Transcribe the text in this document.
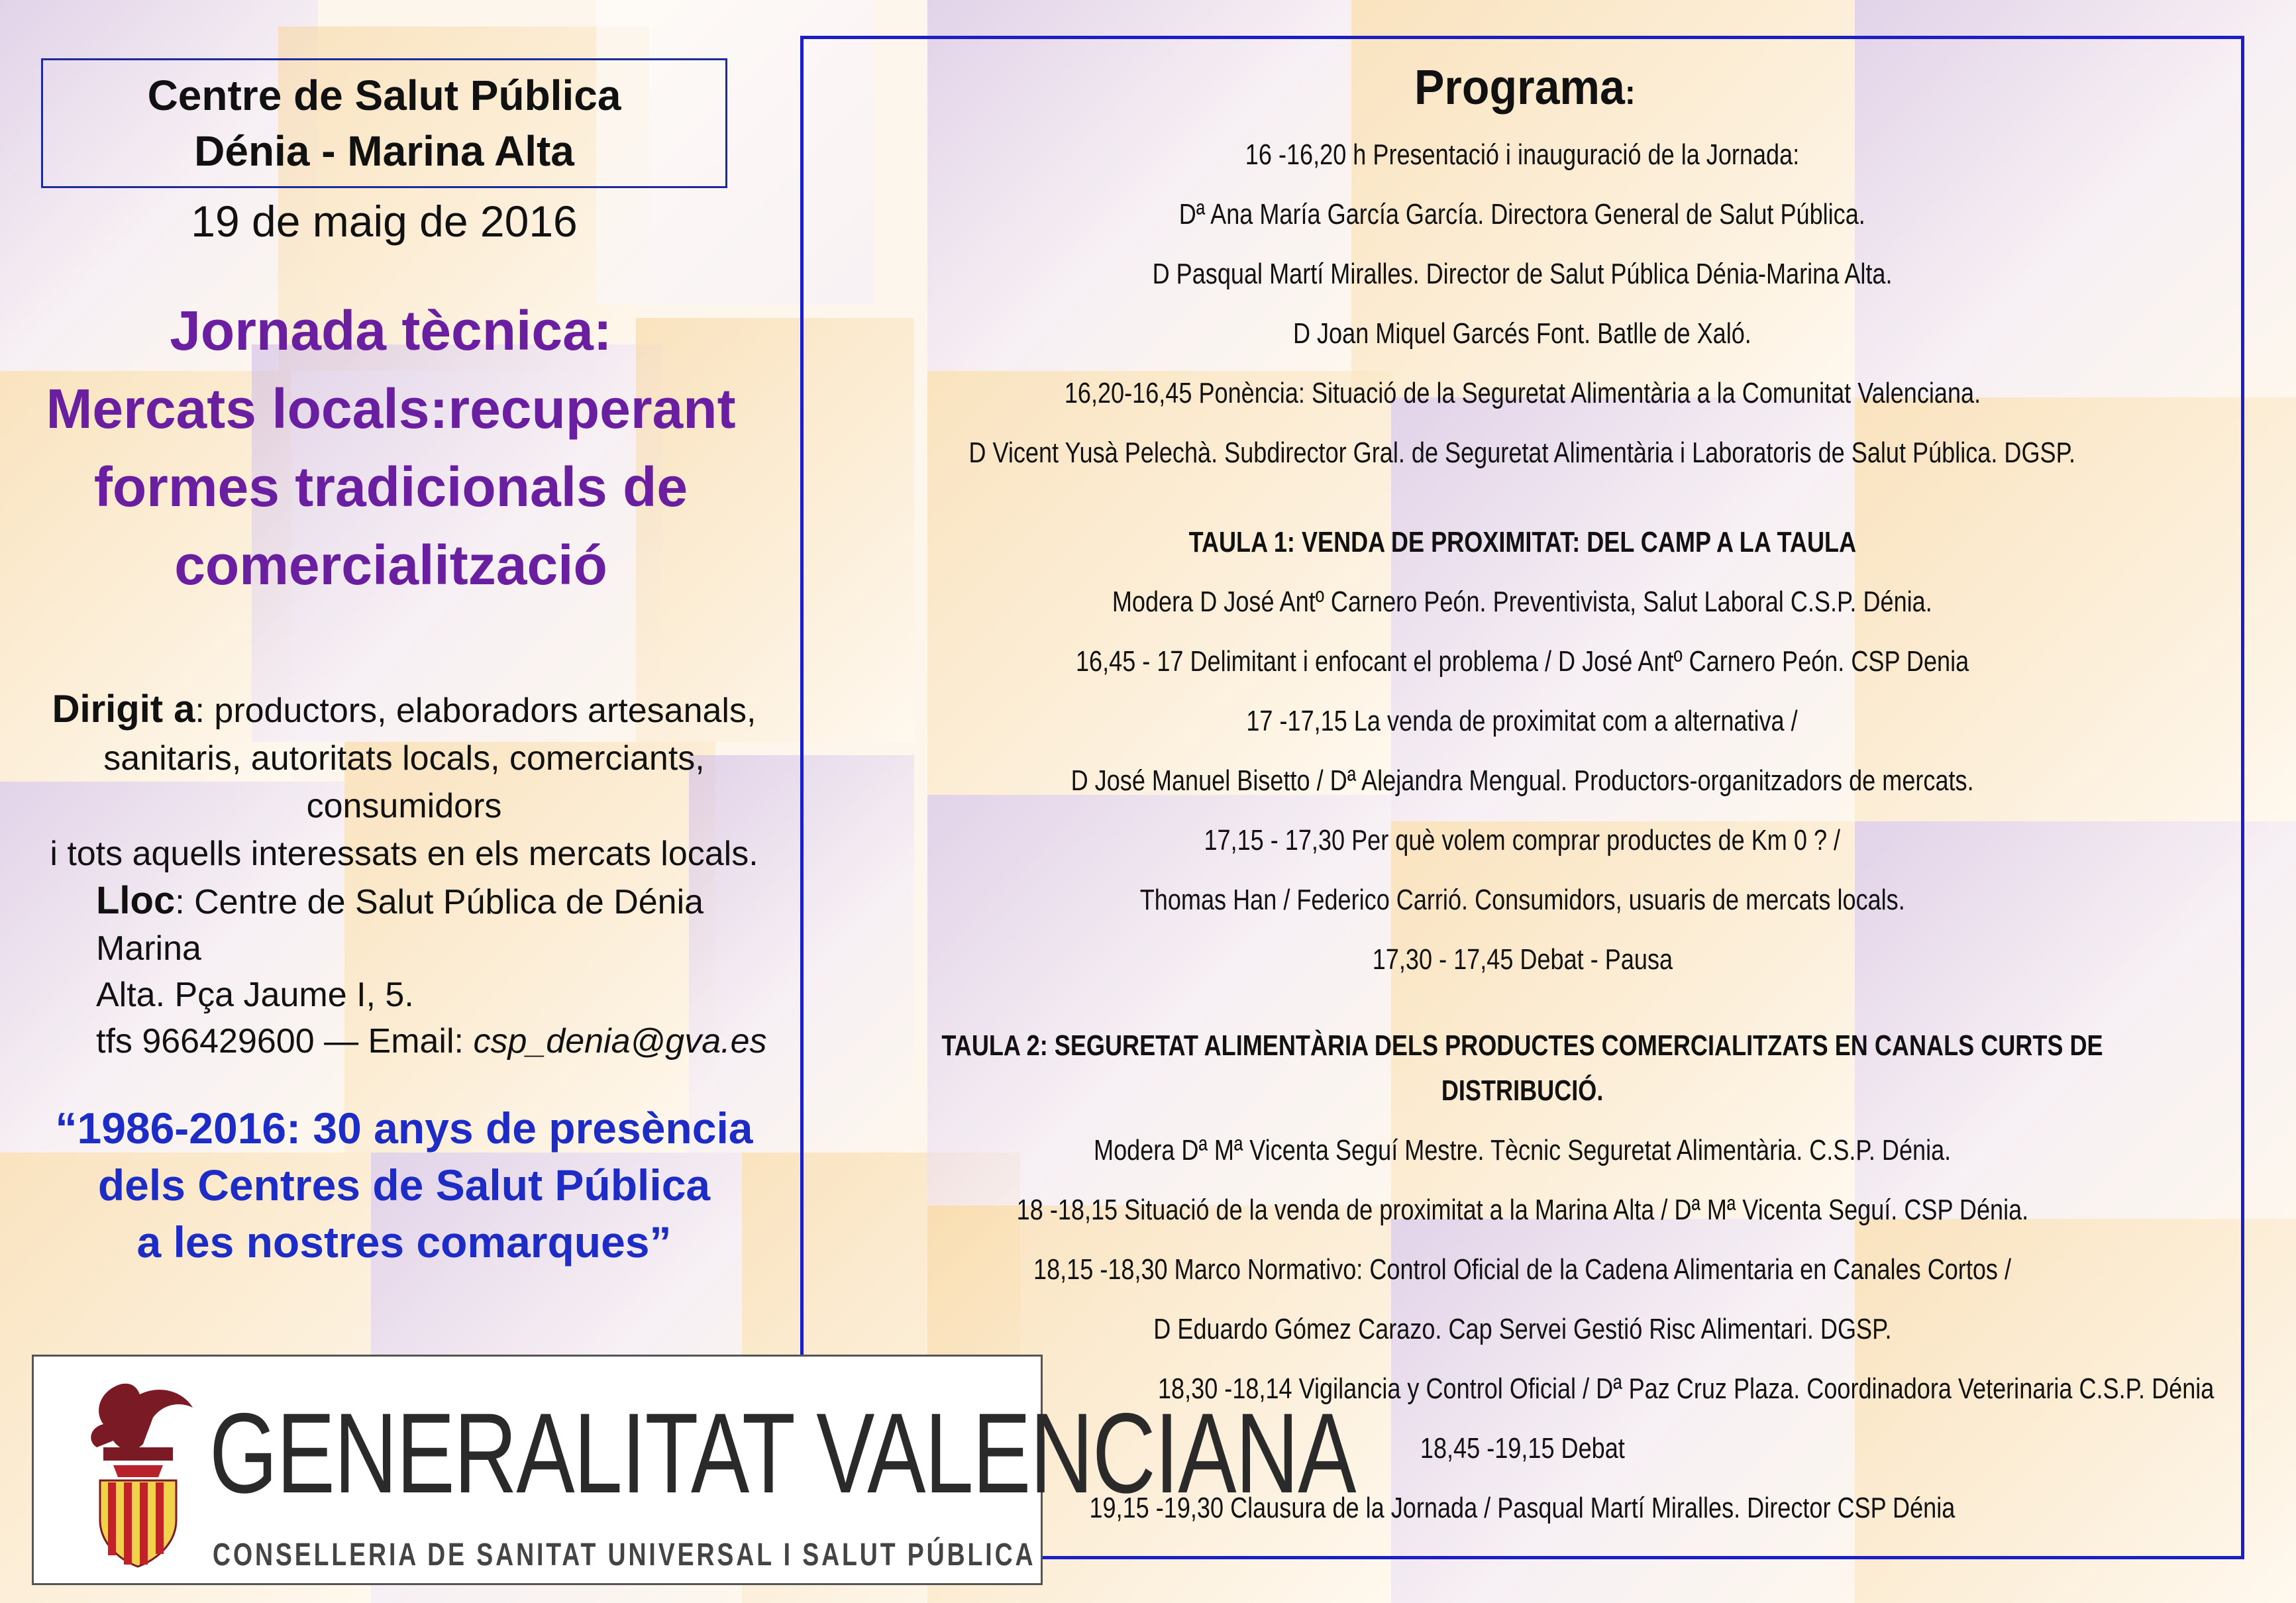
Centre de Salut Pública
Dénia - Marina Alta
19 de maig de 2016
Jornada tècnica:
Mercats locals:recuperant
formes tradicionals de
comercialització
Dirigit a: productors, elaboradors artesanals,
sanitaris, autoritats locals, comerciants, consumidors
i tots aquells interessats en els mercats locals.
Lloc: Centre de Salut Pública de Dénia Marina
Alta. Pça Jaume I, 5.
tfs 966429600 — Email: csp_denia@gva.es
“1986-2016: 30 anys de presència
dels Centres de Salut Pública
a les nostres comarques”
GENERALITAT VALENCIANA
CONSELLERIA DE SANITAT UNIVERSAL I SALUT PÚBLICA
Programa:
16 -16,20 h Presentació i inauguració de la Jornada:
Dª Ana María García García. Directora General de Salut Pública.
D Pasqual Martí Miralles. Director de Salut Pública Dénia-Marina Alta.
D Joan Miquel Garcés Font. Batlle de Xaló.
16,20-16,45 Ponència: Situació de la Seguretat Alimentària a la Comunitat Valenciana.
D Vicent Yusà Pelechà. Subdirector Gral. de Seguretat Alimentària i Laboratoris de Salut Pública. DGSP.
TAULA 1: VENDA DE PROXIMITAT: DEL CAMP A LA TAULA
Modera D José Antº Carnero Peón. Preventivista, Salut Laboral C.S.P. Dénia.
16,45 - 17 Delimitant i enfocant el problema / D José Antº Carnero Peón. CSP Denia
17 -17,15 La venda de proximitat com a alternativa /
D José Manuel Bisetto / Dª Alejandra Mengual. Productors-organitzadors de mercats.
17,15 - 17,30 Per què volem comprar productes de Km 0 ? /
Thomas Han / Federico Carrió. Consumidors, usuaris de mercats locals.
17,30 - 17,45 Debat - Pausa
TAULA 2: SEGURETAT ALIMENTÀRIA DELS PRODUCTES COMERCIALITZATS EN CANALS CURTS DE
DISTRIBUCIÓ.
Modera Dª Mª Vicenta Seguí Mestre. Tècnic Seguretat Alimentària. C.S.P. Dénia.
18 -18,15 Situació de la venda de proximitat a la Marina Alta / Dª Mª Vicenta Seguí. CSP Dénia.
18,15 -18,30 Marco Normativo: Control Oficial de la Cadena Alimentaria en Canales Cortos /
D Eduardo Gómez Carazo. Cap Servei Gestió Risc Alimentari. DGSP.
18,30 -18,14 Vigilancia y Control Oficial / Dª Paz Cruz Plaza. Coordinadora Veterinaria C.S.P. Dénia
18,45 -19,15 Debat
19,15 -19,30 Clausura de la Jornada / Pasqual Martí Miralles. Director CSP Dénia
